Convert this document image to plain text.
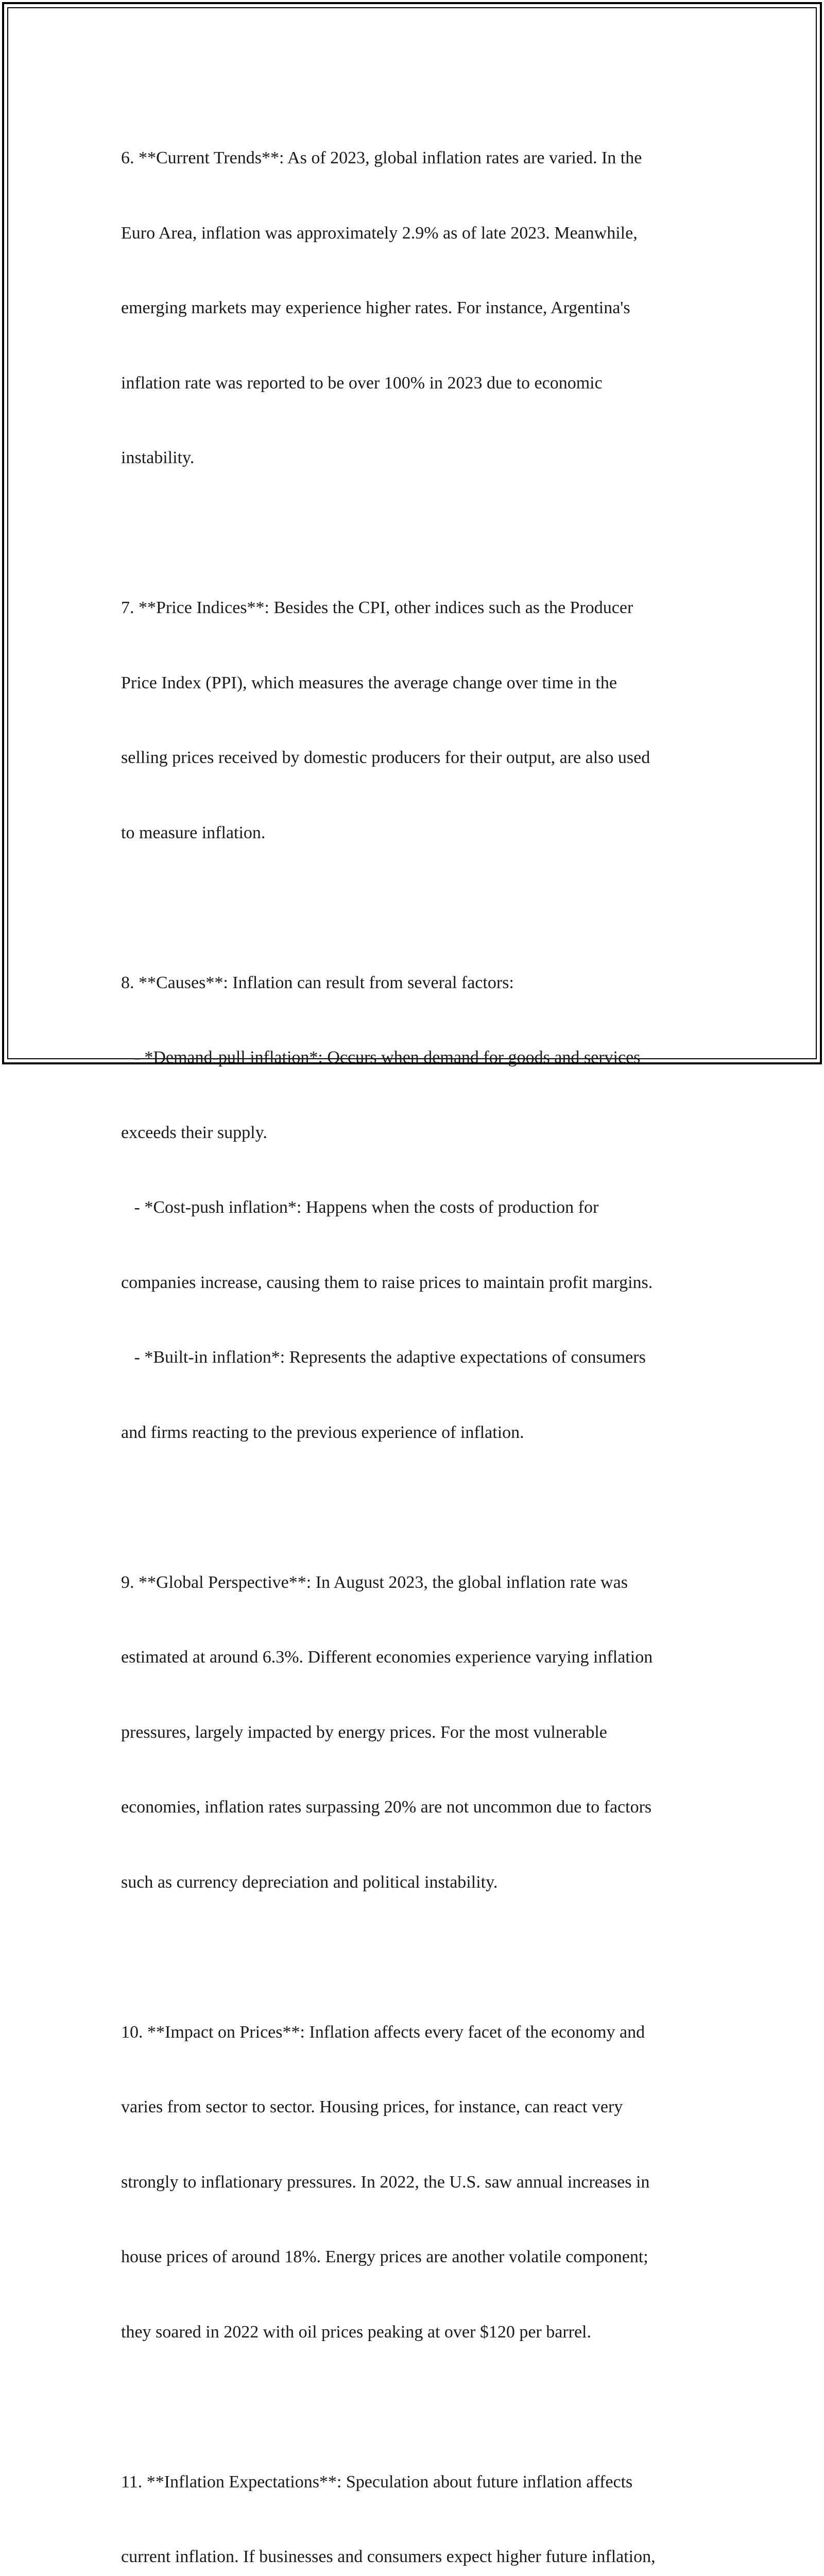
6. **Current Trends**: As of 2023, global inflation rates are varied. In the

Euro Area, inflation was approximately 2.9% as of late 2023. Meanwhile,

emerging markets may experience higher rates. For instance, Argentina's

inflation rate was reported to be over 100% in 2023 due to economic

instability.

7. **Price Indices**: Besides the CPI, other indices such as the Producer

Price Index (PPI), which measures the average change over time in the

selling prices received by domestic producers for their output, are also used

to measure inflation.

8. **Causes**: Inflation can result from several factors:

- *Demand-pull inflation*: Occurs when demand for goods and services

exceeds their supply.

- *Cost-push inflation*: Happens when the costs of production for

companies increase, causing them to raise prices to maintain profit margins.

- *Built-in inflation*: Represents the adaptive expectations of consumers

and firms reacting to the previous experience of inflation.

9. **Global Perspective**: In August 2023, the global inflation rate was

estimated at around 6.3%. Different economies experience varying inflation

pressures, largely impacted by energy prices. For the most vulnerable

economies, inflation rates surpassing 20% are not uncommon due to factors

such as currency depreciation and political instability.

10. **Impact on Prices**: Inflation affects every facet of the economy and

varies from sector to sector. Housing prices, for instance, can react very

strongly to inflationary pressures. In 2022, the U.S. saw annual increases in

house prices of around 18%. Energy prices are another volatile component;

they soared in 2022 with oil prices peaking at over $120 per barrel.

11. **Inflation Expectations**: Speculation about future inflation affects

current inflation. If businesses and consumers expect higher future inflation,
